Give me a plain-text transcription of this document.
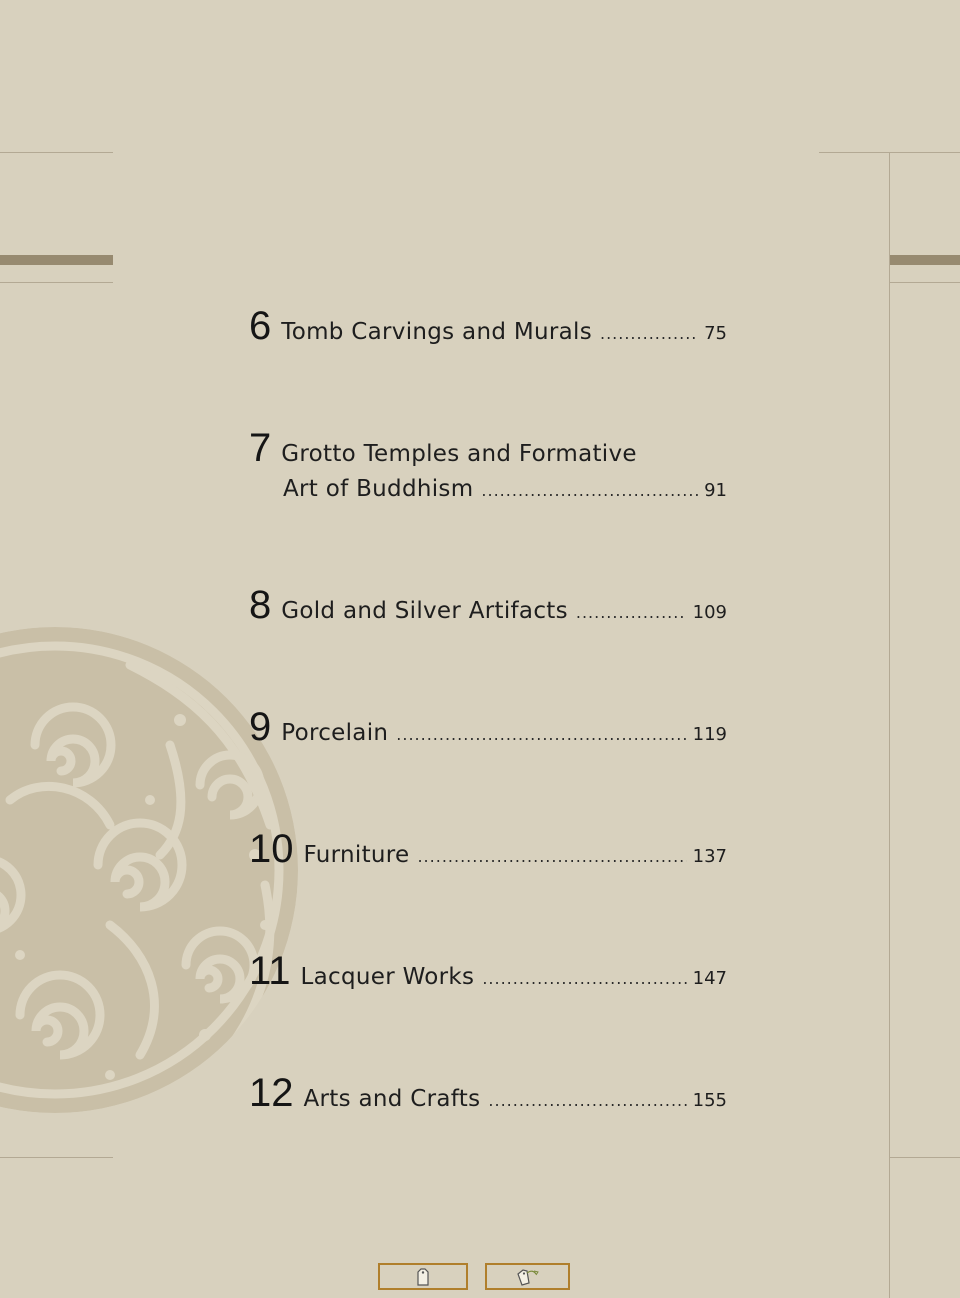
6 Tomb Carvings and Murals .....	75
7 Grotto Temples and Formative
Art of Buddhism .....	91
8 Gold and Silver Artifacts .....	109
9 Porcelain .....	119
10 Furniture .....	137
11 Lacquer Works .....	147
12 Arts and Crafts .....	155
